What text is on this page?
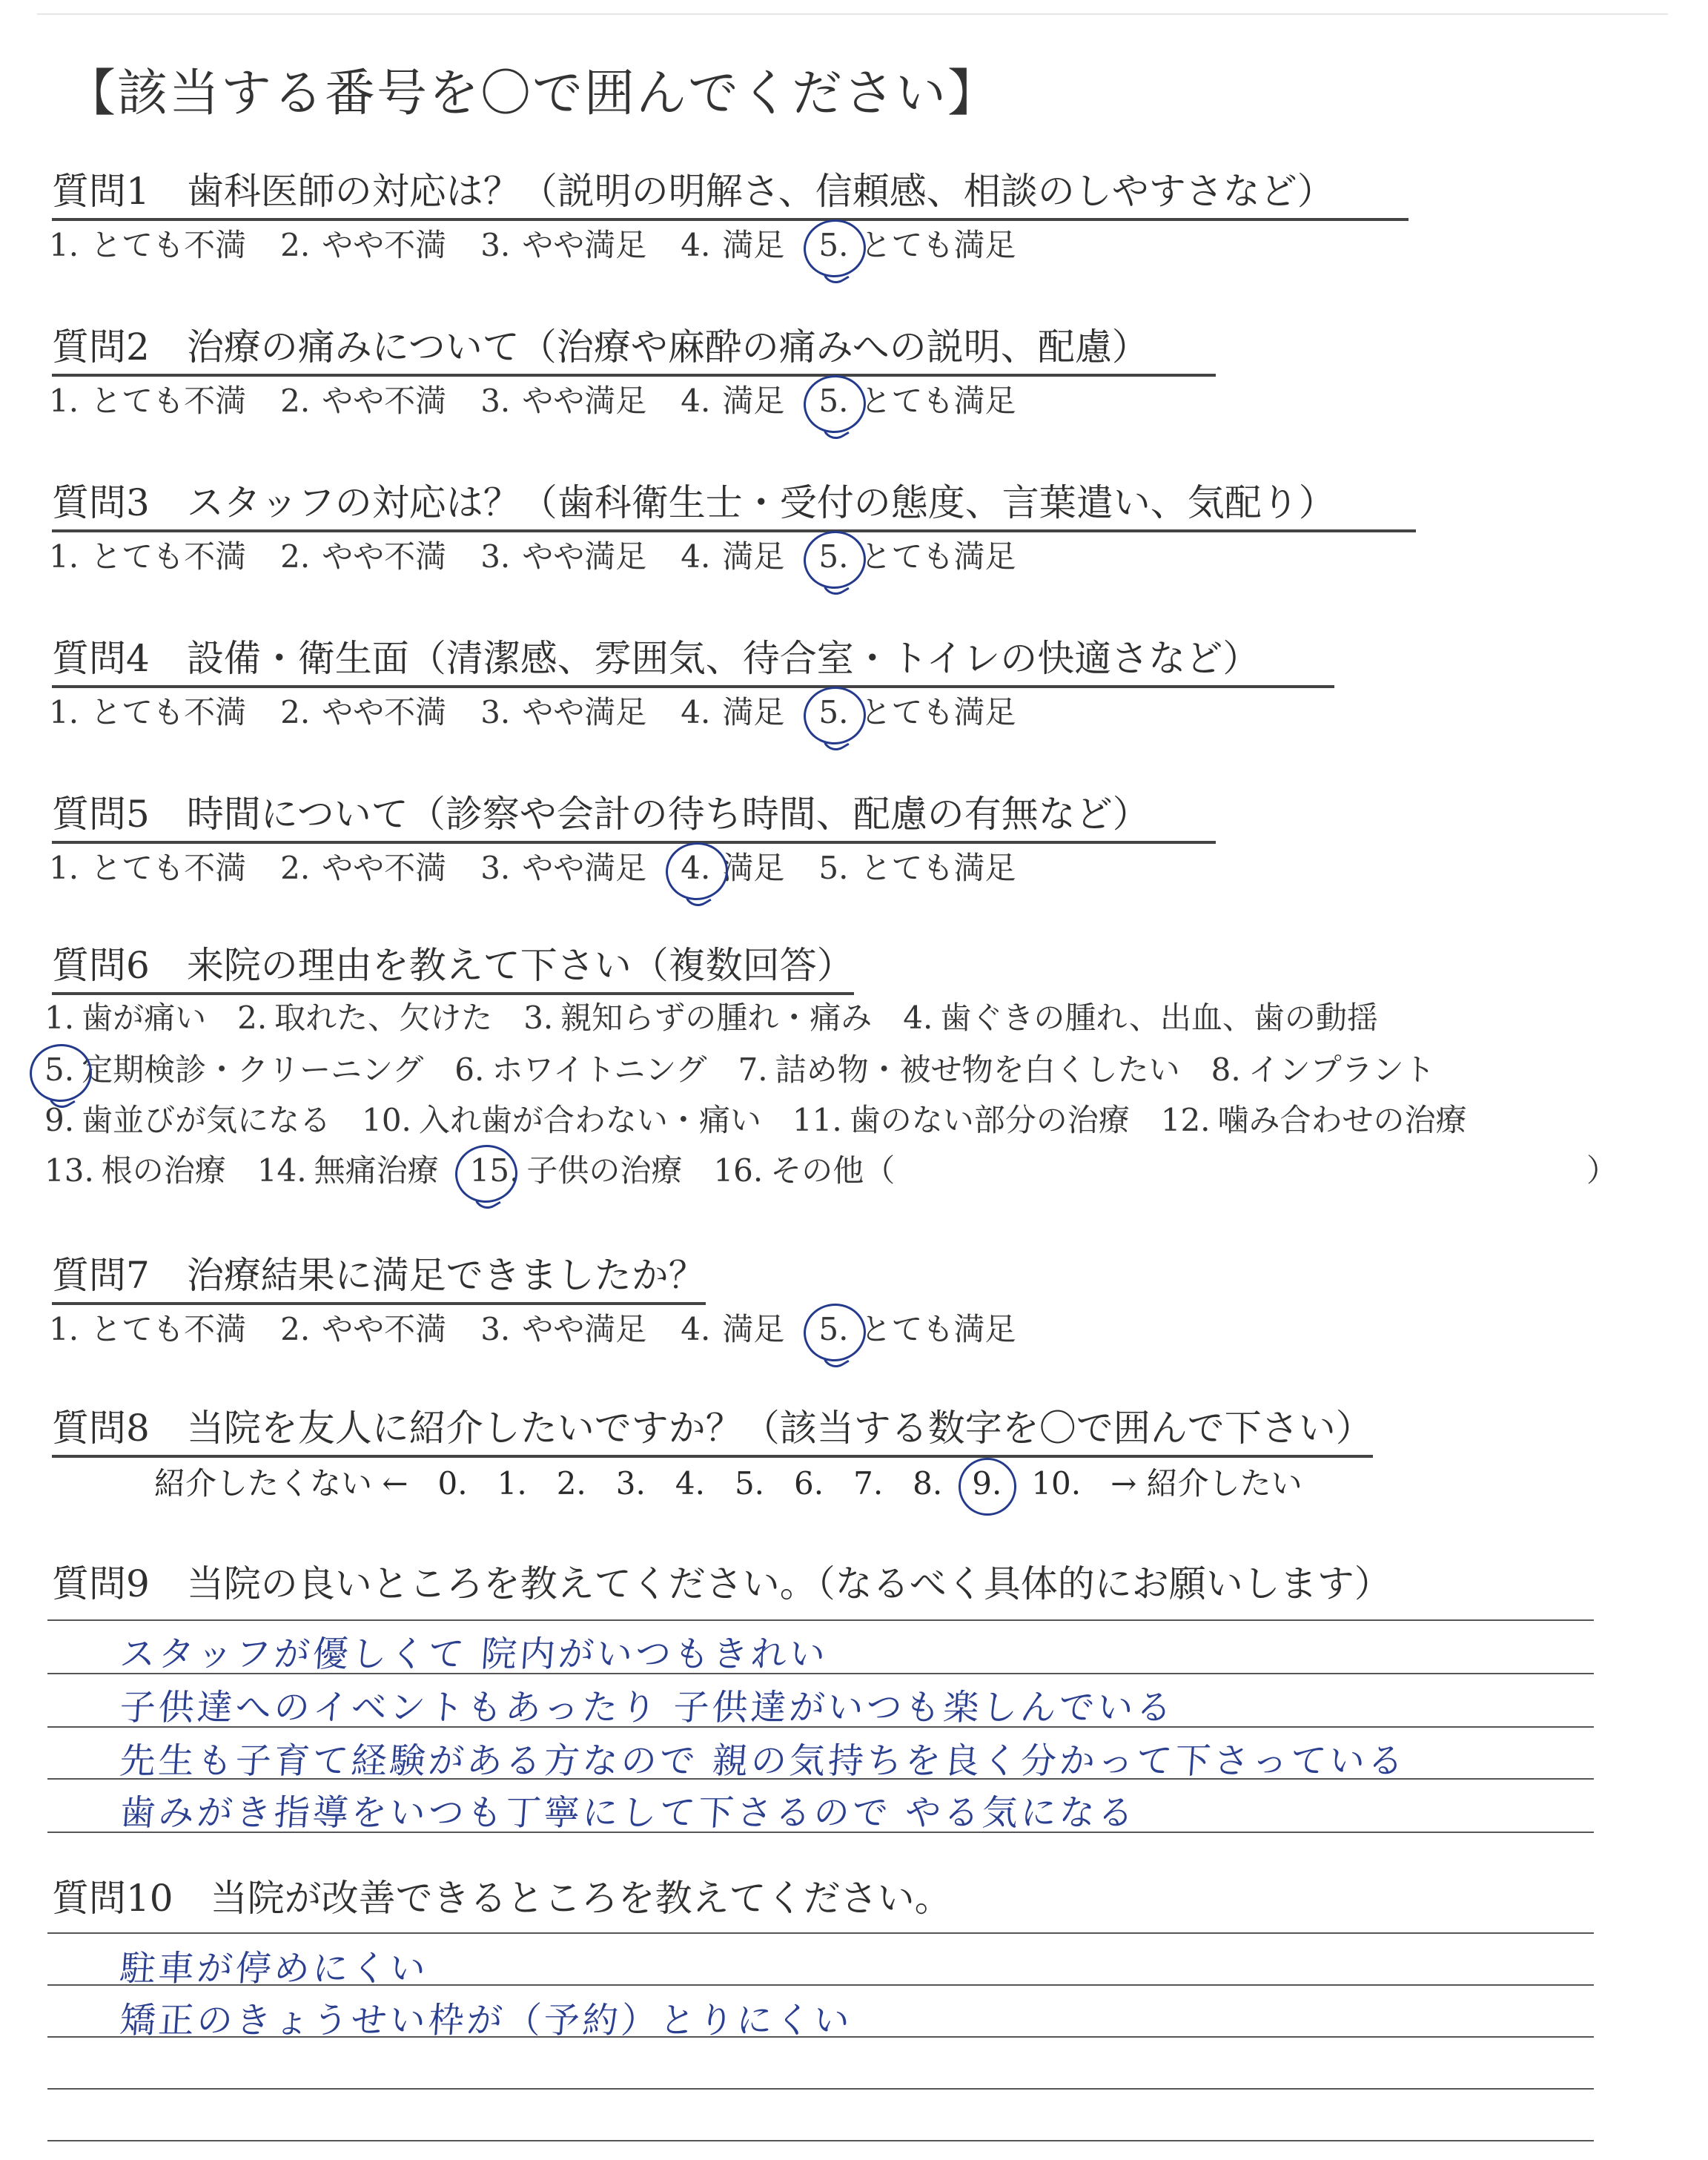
【該当する番号を〇で囲んでください】
質問1　 歯科医師の対応は？（説明の明解さ、信頼感、相談のしやすさなど）
1. とても不満 2. やや不満 3. やや満足 4. 満足 5. とても満足
質問2　 治療の痛みについて（治療や麻酔の痛みへの説明、配慮）
1. とても不満 2. やや不満 3. やや満足 4. 満足 5. とても満足
質問3　 スタッフの対応は？（歯科衛生士・受付の態度、言葉遣い、気配り）
1. とても不満 2. やや不満 3. やや満足 4. 満足 5. とても満足
質問4　 設備・衛生面（清潔感、雰囲気、待合室・トイレの快適さなど）
1. とても不満 2. やや不満 3. やや満足 4. 満足 5. とても満足
質問5　 時間について（診察や会計の待ち時間、配慮の有無など）
1. とても不満 2. やや不満 3. やや満足 4. 満足 5. とても満足
質問6　 来院の理由を教えて下さい（複数回答）
1. 歯が痛い 2. 取れた、欠けた 3. 親知らずの腫れ・痛み 4. 歯ぐきの腫れ、出血、歯の動揺
5. 定期検診・クリーニング 6. ホワイトニング 7. 詰め物・被せ物を白くしたい 8. インプラント
9. 歯並びが気になる 10. 入れ歯が合わない・痛い 11. 歯のない部分の治療 12. 噛み合わせの治療
13. 根の治療 14. 無痛治療 15. 子供の治療 16. その他（	）
質問7　 治療結果に満足できましたか？
1. とても不満 2. やや不満 3. やや満足 4. 満足 5. とても満足
質問8　 当院を友人に紹介したいですか？（該当する数字を〇で囲んで下さい）
紹介したくない ← 0. 1. 2. 3. 4. 5. 6. 7. 8. 9. 10. → 紹介したい
質問9　 当院の良いところを教えてください。（なるべく具体的にお願いします）
スタッフが優しくて 院内がいつもきれい
子供達へのイベントもあったり 子供達がいつも楽しんでいる
先生も子育て経験がある方なので 親の気持ちを良く分かって下さっている
歯みがき指導をいつも丁寧にして下さるので やる気になる
質問10　 当院が改善できるところを教えてください。
駐車が停めにくい
矯正のきょうせい枠が（予約）とりにくい
